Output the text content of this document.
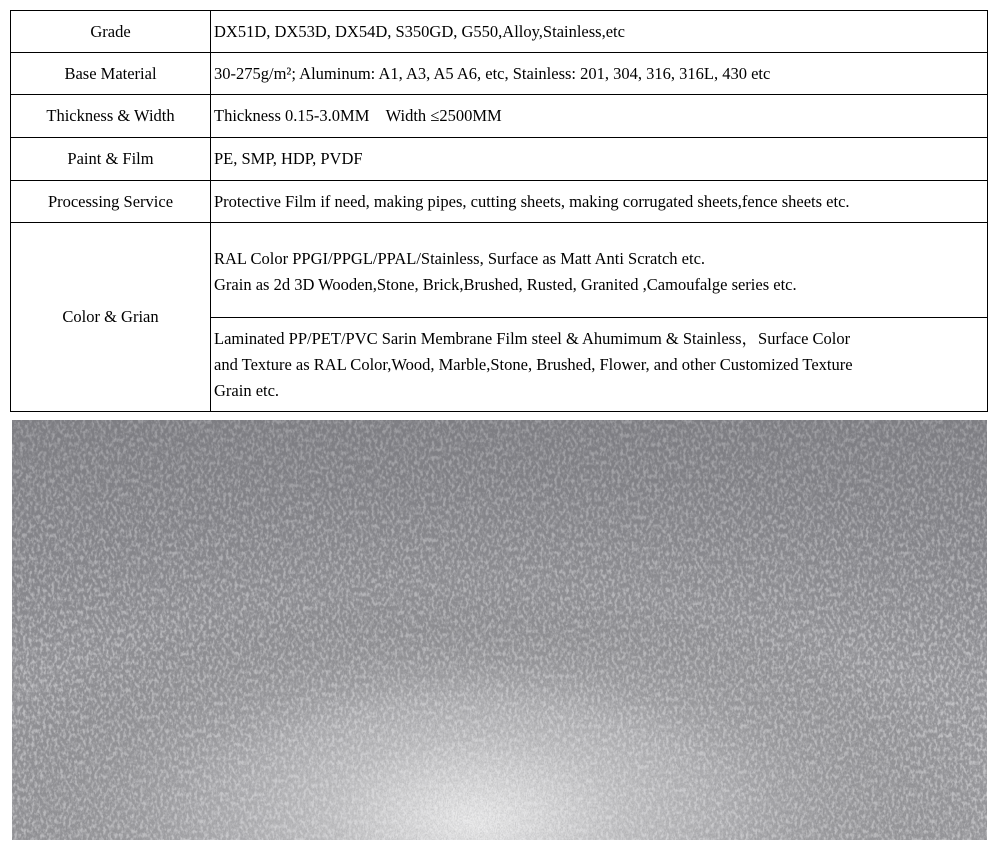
Grade	DX51D, DX53D, DX54D, S350GD, G550,Alloy,Stainless,etc
Base Material	30-275g/m²; Aluminum: A1, A3, A5 A6, etc, Stainless: 201, 304, 316, 316L, 430 etc
Thickness & Width	Thickness 0.15-3.0MM    Width ≤2500MM
Paint & Film	PE, SMP, HDP, PVDF
Processing Service	Protective Film if need, making pipes, cutting sheets, making corrugated sheets,fence sheets etc.
Color & Grian	RAL Color PPGI/PPGL/PPAL/Stainless, Surface as Matt Anti Scratch etc.
Grain as 2d 3D Wooden,Stone, Brick,Brushed, Rusted, Granited ,Camoufalge series etc.

	Laminated PP/PET/PVC Sarin Membrane Film steel & Ahumimum & Stainless，Surface Color
and Texture as RAL Color,Wood, Marble,Stone, Brushed, Flower, and other Customized Texture
Grain etc.
